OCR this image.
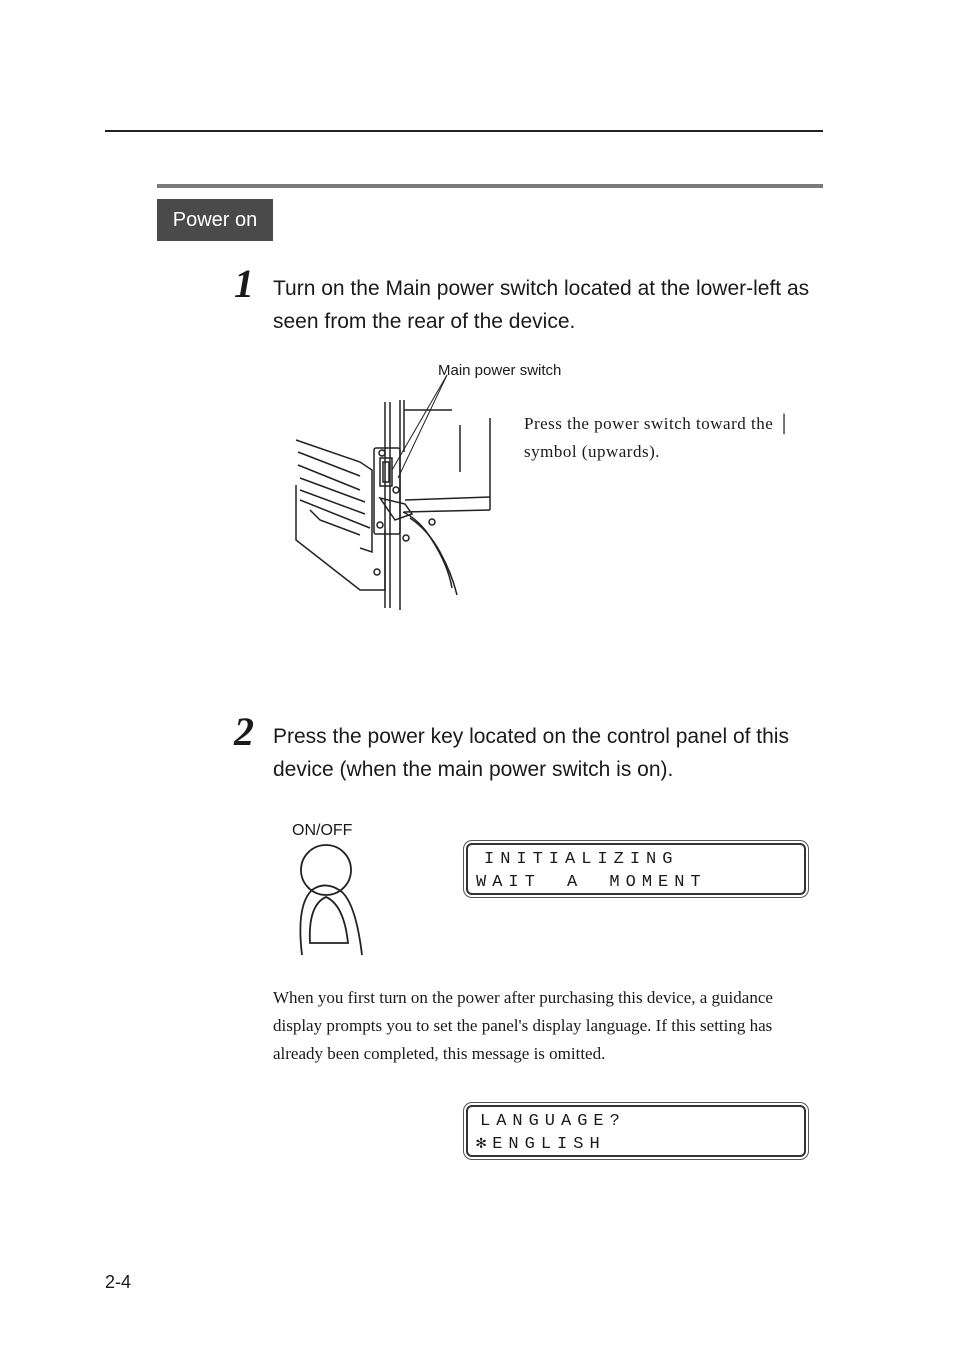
Power on
1 Turn on the Main power switch located at the lower-left as seen from the rear of the device.
Main power switch
Press the power switch toward the │ symbol (upwards).
2 Press the power key located on the control panel of this device (when the main power switch is on).
ON/OFF
INITIALIZING
WAIT A MOMENT
When you first turn on the power after purchasing this device, a guidance display prompts you to set the panel's display language. If this setting has already been completed, this message is omitted.
LANGUAGE?
✻ENGLISH
2-4
